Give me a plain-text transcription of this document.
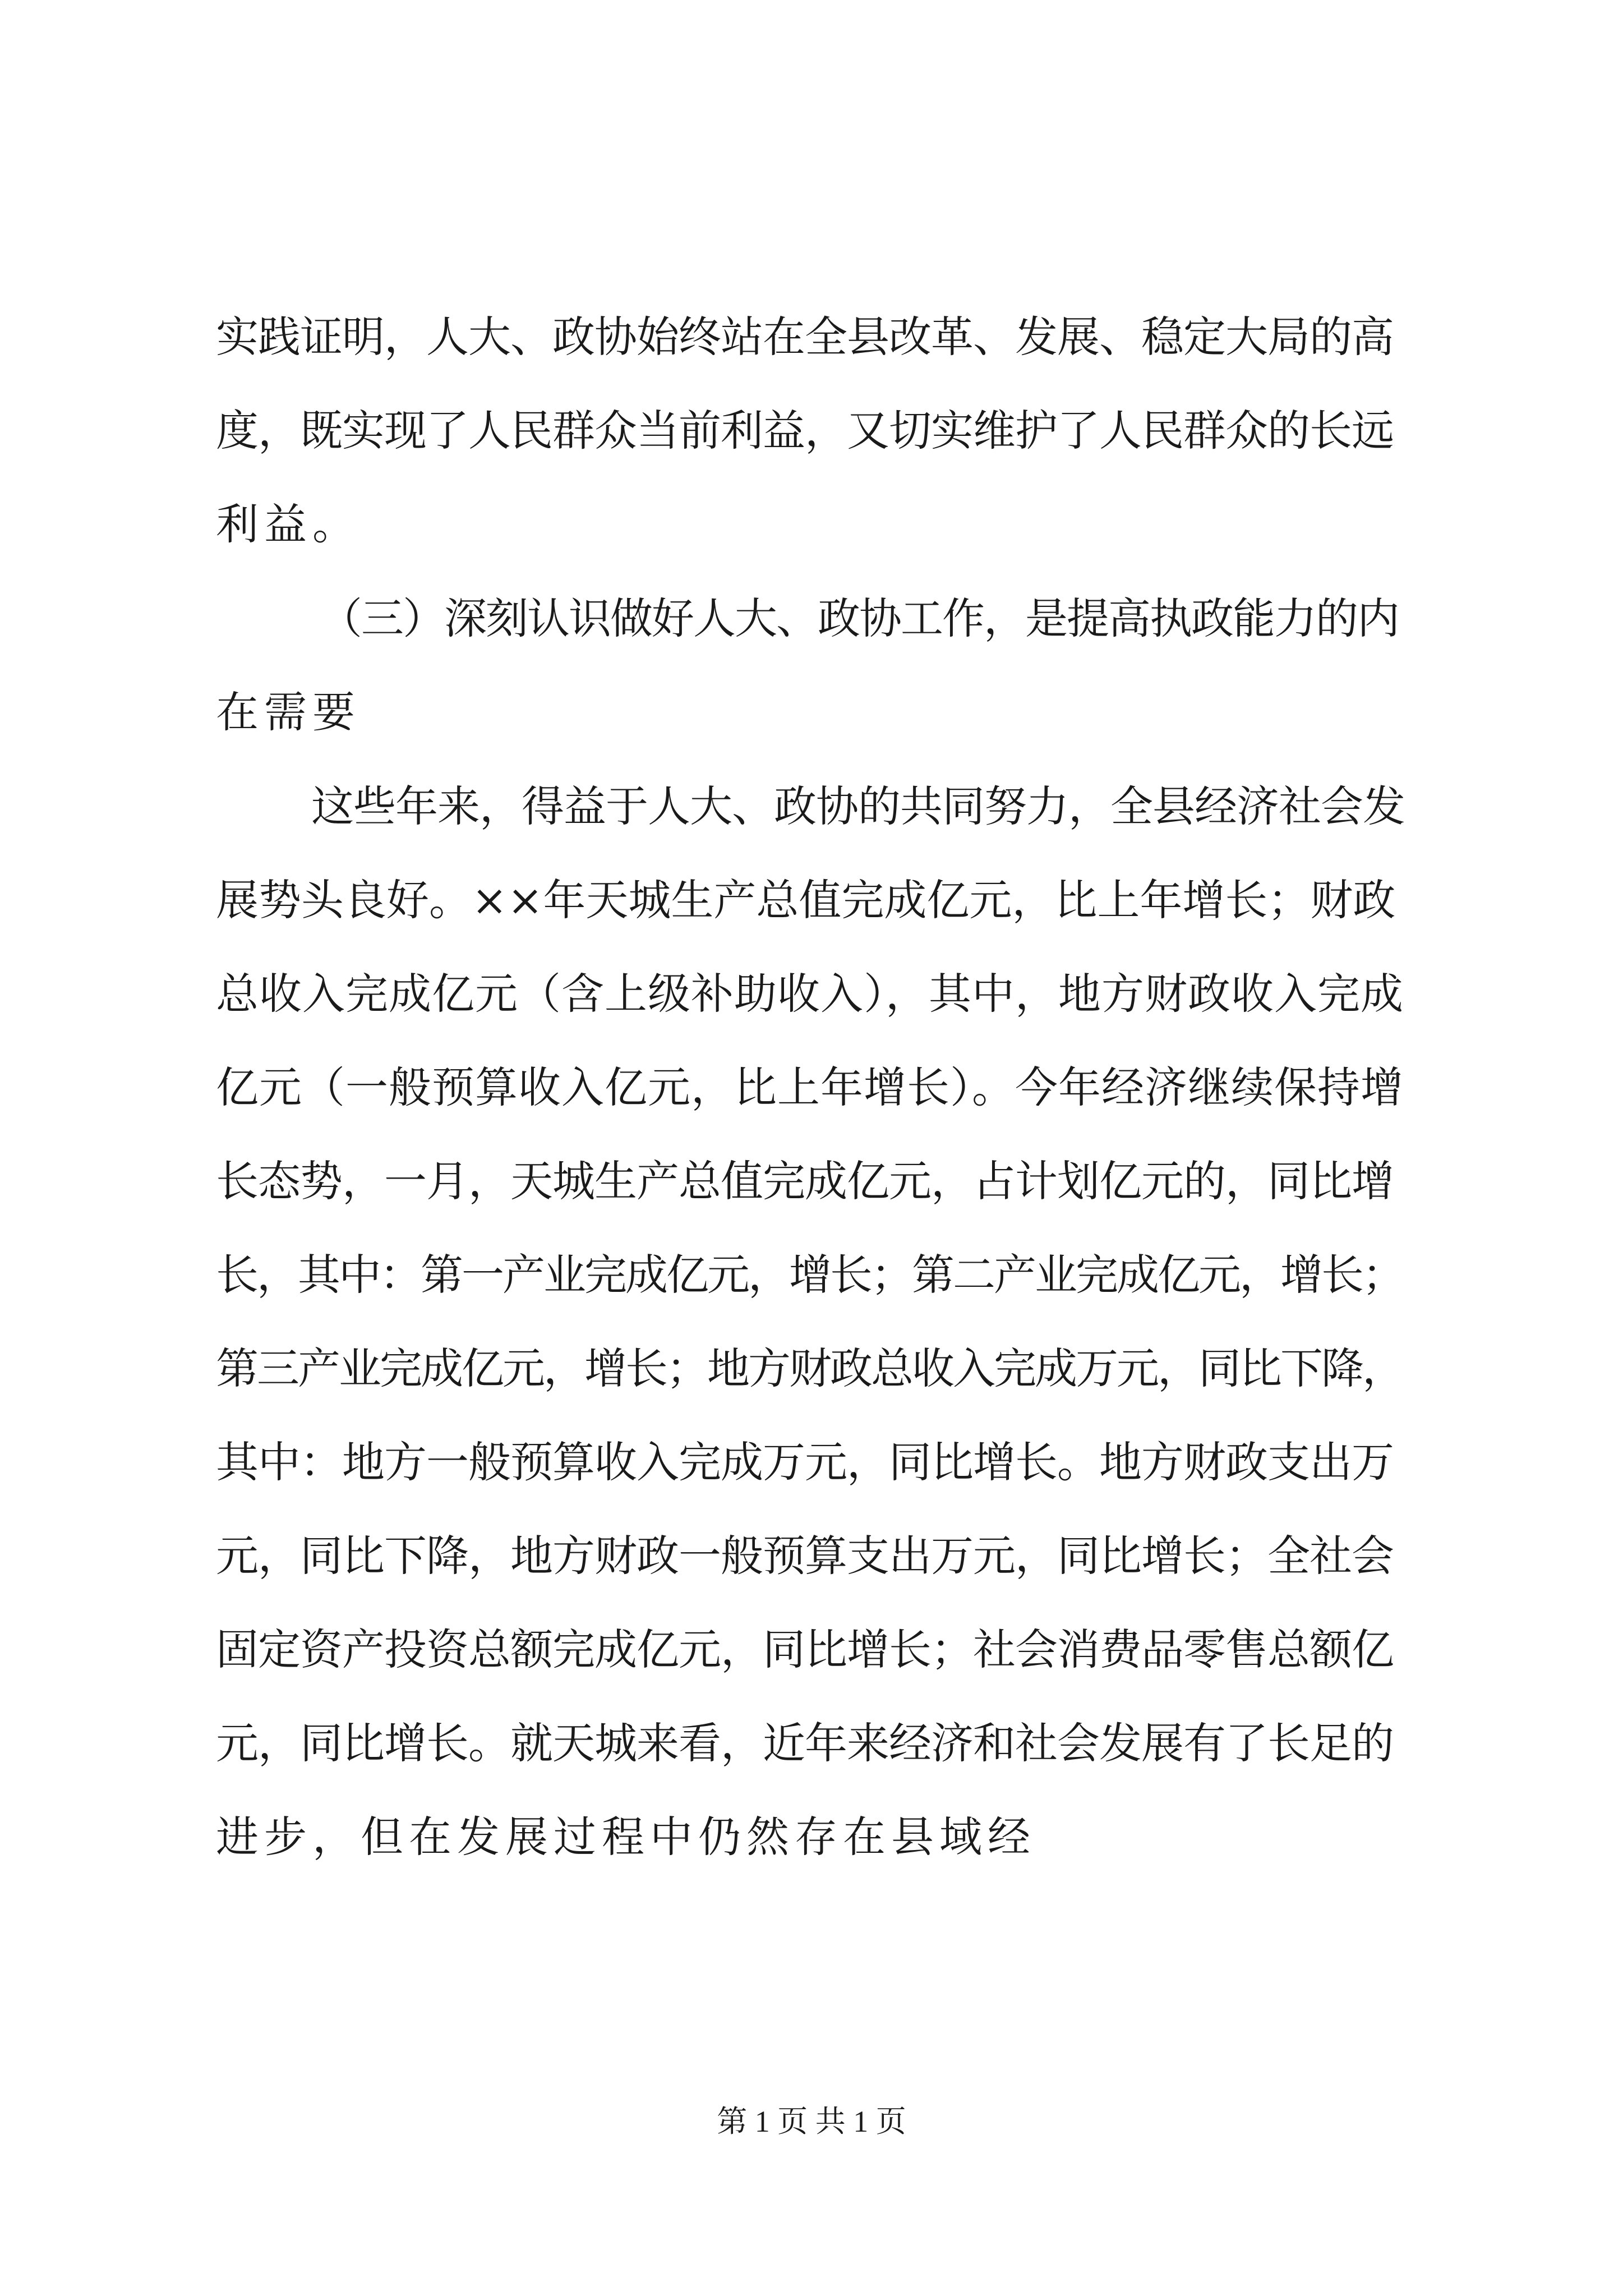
实践证明，人大、政协始终站在全县改革、发展、稳定大局的高
度，既实现了人民群众当前利益，又切实维护了人民群众的长远
利益。
（三）深刻认识做好人大、政协工作，是提高执政能力的内
在需要
这些年来，得益于人大、政协的共同努力，全县经济社会发
展势头良好。××年天城生产总值完成亿元，比上年增长；财政
总收入完成亿元（含上级补助收入），其中，地方财政收入完成
亿元（一般预算收入亿元，比上年增长）。今年经济继续保持增
长态势，一月，天城生产总值完成亿元，占计划亿元的，同比增
长，其中：第一产业完成亿元，增长；第二产业完成亿元，增长；
第三产业完成亿元，增长；地方财政总收入完成万元，同比下降，
其中：地方一般预算收入完成万元，同比增长。地方财政支出万
元，同比下降，地方财政一般预算支出万元，同比增长；全社会
固定资产投资总额完成亿元，同比增长；社会消费品零售总额亿
元，同比增长。就天城来看，近年来经济和社会发展有了长足的
进步，但在发展过程中仍然存在县域经
第 1 页 共 1 页
